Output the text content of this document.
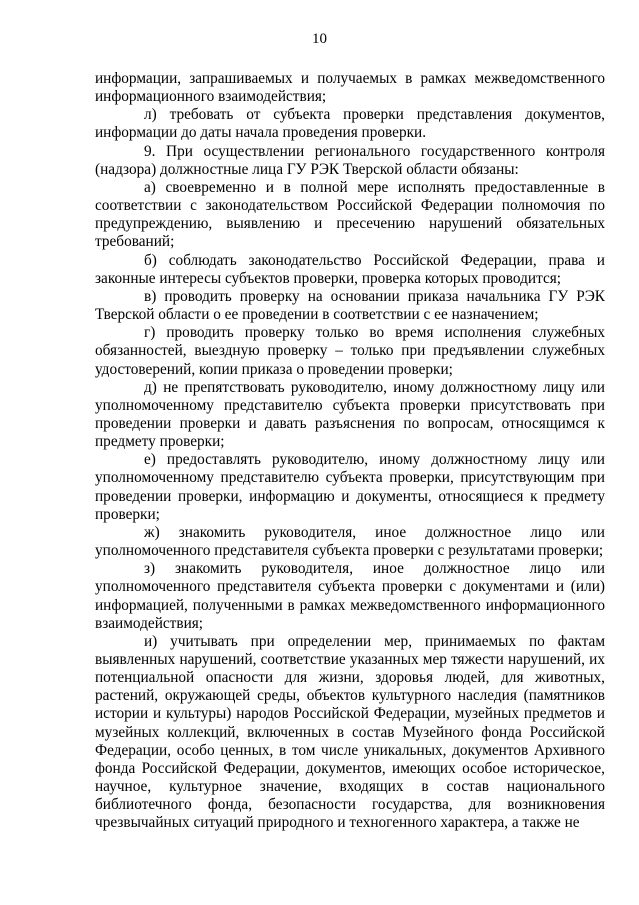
10

информации, запрашиваемых и получаемых в рамках межведомственного информационного взаимодействия;

л) требовать от субъекта проверки представления документов, информации до даты начала проведения проверки.

9. При осуществлении регионального государственного контроля (надзора) должностные лица ГУ РЭК Тверской области обязаны:

а) своевременно и в полной мере исполнять предоставленные в соответствии с законодательством Российской Федерации полномочия по предупреждению, выявлению и пресечению нарушений обязательных требований;

б) соблюдать законодательство Российской Федерации, права и законные интересы субъектов проверки, проверка которых проводится;

в) проводить проверку на основании приказа начальника ГУ РЭК Тверской области о ее проведении в соответствии с ее назначением;

г) проводить проверку только во время исполнения служебных обязанностей, выездную проверку – только при предъявлении служебных удостоверений, копии приказа о проведении проверки;

д) не препятствовать руководителю, иному должностному лицу или уполномоченному представителю субъекта проверки присутствовать при проведении проверки и давать разъяснения по вопросам, относящимся к предмету проверки;

е) предоставлять руководителю, иному должностному лицу или уполномоченному представителю субъекта проверки, присутствующим при проведении проверки, информацию и документы, относящиеся к предмету проверки;

ж) знакомить руководителя, иное должностное лицо или уполномоченного представителя субъекта проверки с результатами проверки;

з) знакомить руководителя, иное должностное лицо или уполномоченного представителя субъекта проверки с документами и (или) информацией, полученными в рамках межведомственного информационного взаимодействия;

и) учитывать при определении мер, принимаемых по фактам выявленных нарушений, соответствие указанных мер тяжести нарушений, их потенциальной опасности для жизни, здоровья людей, для животных, растений, окружающей среды, объектов культурного наследия (памятников истории и культуры) народов Российской Федерации, музейных предметов и музейных коллекций, включенных в состав Музейного фонда Российской Федерации, особо ценных, в том числе уникальных, документов Архивного фонда Российской Федерации, документов, имеющих особое историческое, научное, культурное значение, входящих в состав национального библиотечного фонда, безопасности государства, для возникновения чрезвычайных ситуаций природного и техногенного характера, а также не
